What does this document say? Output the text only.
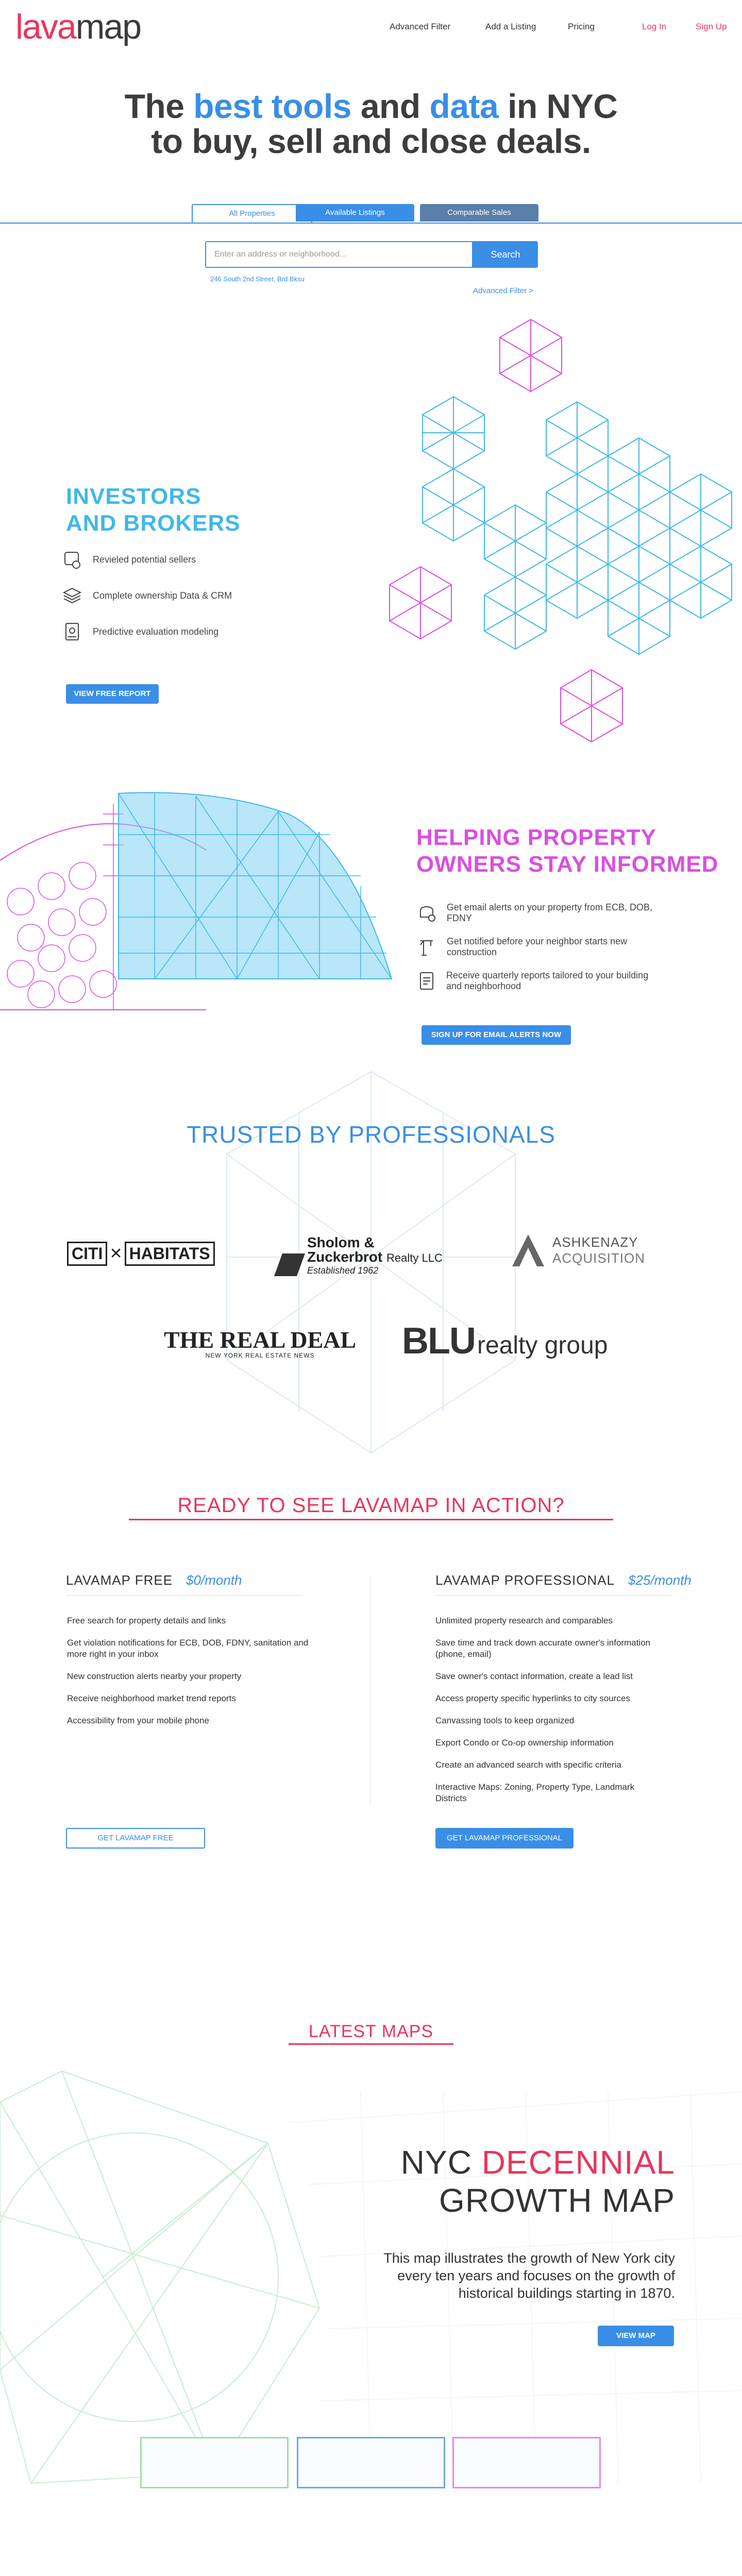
lavamap	Advanced Filter	Add a Listing	Pricing	Log In	Sign Up
The best tools and data in NYC
to buy, sell and close deals.
All Properties	Available Listings	Comparable Sales
Enter an address or neighborhood...
Search
246 South 2nd Street, Brd Bksu
Advanced Filter >
INVESTORS
AND BROKERS
Revieled potential sellers
Complete ownership Data & CRM
Predictive evaluation modeling
VIEW FREE REPORT
HELPING PROPERTY
OWNERS STAY INFORMED
Get email alerts on your property from ECB, DOB, FDNY
Get notified before your neighbor starts new construction
Receive quarterly reports tailored to your building and neighborhood
SIGN UP FOR EMAIL ALERTS NOW
TRUSTED BY PROFESSIONALS
CITI ✕ HABITATS
Sholom &
Zuckerbrot Realty LLC
Established 1962
ASHKENAZY
ACQUISITION
THE REAL DEAL
NEW YORK REAL ESTATE NEWS	BLU realty group
READY TO SEE LAVAMAP IN ACTION?
LAVAMAP FREE $0/month
Free search for property details and links
Get violation notifications for ECB, DOB, FDNY, sanitation and more right in your inbox
New construction alerts nearby your property
Receive neighborhood market trend reports
Accessibility from your mobile phone
GET LAVAMAP FREE
LAVAMAP PROFESSIONAL $25/month
Unlimited property research and comparables
Save time and track down accurate owner's information (phone, email)
Save owner's contact information, create a lead list
Access property specific hyperlinks to city sources
Canvassing tools to keep organized
Export Condo or Co-op ownership information
Create an advanced search with specific criteria
Interactive Maps: Zoning, Property Type, Landmark Districts
GET LAVAMAP PROFESSIONAL
LATEST MAPS
NYC DECENNIAL
GROWTH MAP
This map illustrates the growth of New York city every ten years and focuses on the growth of historical buildings starting in 1870.
VIEW MAP
